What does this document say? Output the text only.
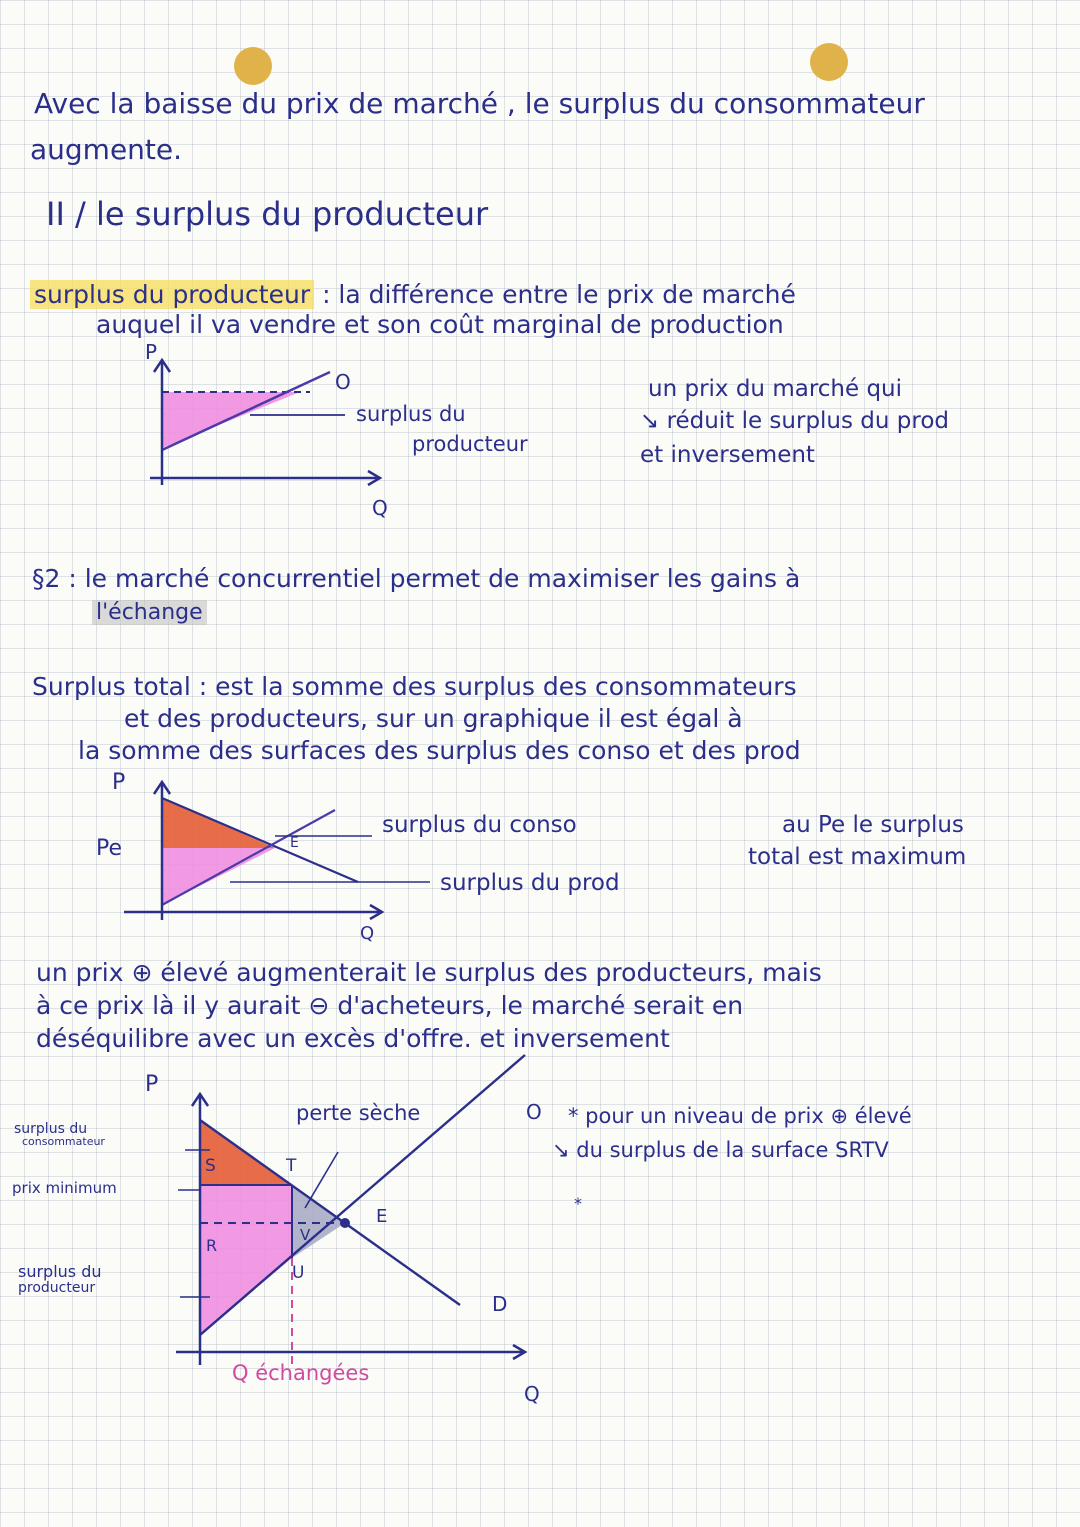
Avec la baisse du prix de marché , le surplus du consommateur
augmente.
II / le surplus du producteur
surplus du producteur : la différence entre le prix de marché
auquel il va vendre et son coût marginal de production
P
O
Q
surplus du
producteur
un prix du marché qui
↘ réduit le surplus du prod
et inversement
§2 : le marché concurrentiel permet de maximiser les gains à
l'échange
Surplus total : est la somme des surplus des consommateurs
et des producteurs, sur un graphique il est égal à
la somme des surfaces des surplus des conso et des prod
P
Pe	E
Q
surplus du conso
surplus du prod
au Pe le surplus
total est maximum
un prix ⊕ élevé augmenterait le surplus des producteurs, mais
à ce prix là il y aurait ⊖ d'acheteurs, le marché serait en
déséquilibre avec un excès d'offre. et inversement
P
surplus du
consommateur
prix minimum
surplus du
producteur
perte sèche
Q échangées
S	T
R
V
U
E
O
D
Q
* pour un niveau de prix ⊕ élevé
↘ du surplus de la surface SRTV
*
